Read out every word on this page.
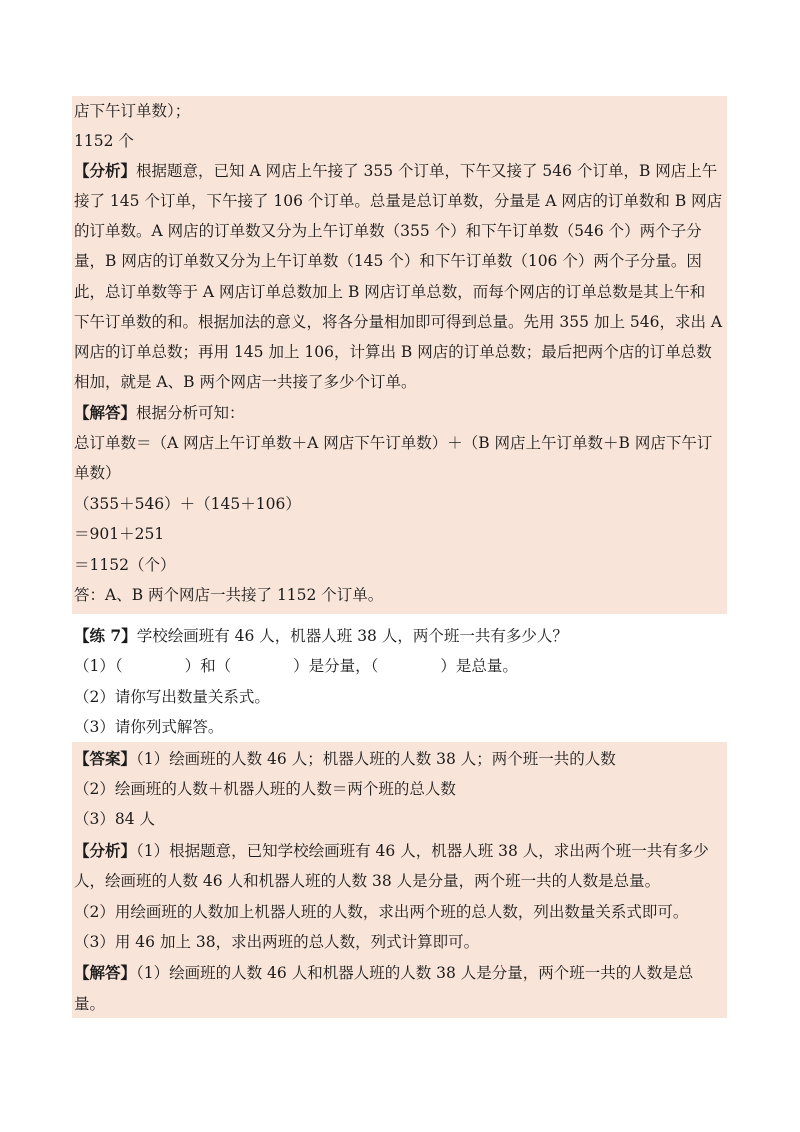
店下午订单数）；
1152 个
【分析】根据题意，已知 A 网店上午接了 355 个订单，下午又接了 546 个订单，B 网店上午
接了 145 个订单，下午接了 106 个订单。总量是总订单数，分量是 A 网店的订单数和 B 网店
的订单数。A 网店的订单数又分为上午订单数（355 个）和下午订单数（546 个）两个子分
量，B 网店的订单数又分为上午订单数（145 个）和下午订单数（106 个）两个子分量。因
此，总订单数等于 A 网店订单总数加上 B 网店订单总数，而每个网店的订单总数是其上午和
下午订单数的和。根据加法的意义，将各分量相加即可得到总量。先用 355 加上 546，求出 A
网店的订单总数；再用 145 加上 106，计算出 B 网店的订单总数；最后把两个店的订单总数
相加，就是 A、B 两个网店一共接了多少个订单。
【解答】根据分析可知：
总订单数＝（A 网店上午订单数＋A 网店下午订单数）＋（B 网店上午订单数＋B 网店下午订
单数）
（355＋546）＋（145＋106）
＝901＋251
＝1152（个）
答：A、B 两个网店一共接了 1152 个订单。
【练 7】学校绘画班有 46 人，机器人班 38 人，两个班一共有多少人？
（1）（　　　　）和（　　　　）是分量，（　　　　）是总量。
（2）请你写出数量关系式。
（3）请你列式解答。
【答案】（1）绘画班的人数 46 人；机器人班的人数 38 人；两个班一共的人数
（2）绘画班的人数＋机器人班的人数＝两个班的总人数
（3）84 人
【分析】（1）根据题意，已知学校绘画班有 46 人，机器人班 38 人，求出两个班一共有多少
人，绘画班的人数 46 人和机器人班的人数 38 人是分量，两个班一共的人数是总量。
（2）用绘画班的人数加上机器人班的人数，求出两个班的总人数，列出数量关系式即可。
（3）用 46 加上 38，求出两班的总人数，列式计算即可。
【解答】（1）绘画班的人数 46 人和机器人班的人数 38 人是分量，两个班一共的人数是总
量。
